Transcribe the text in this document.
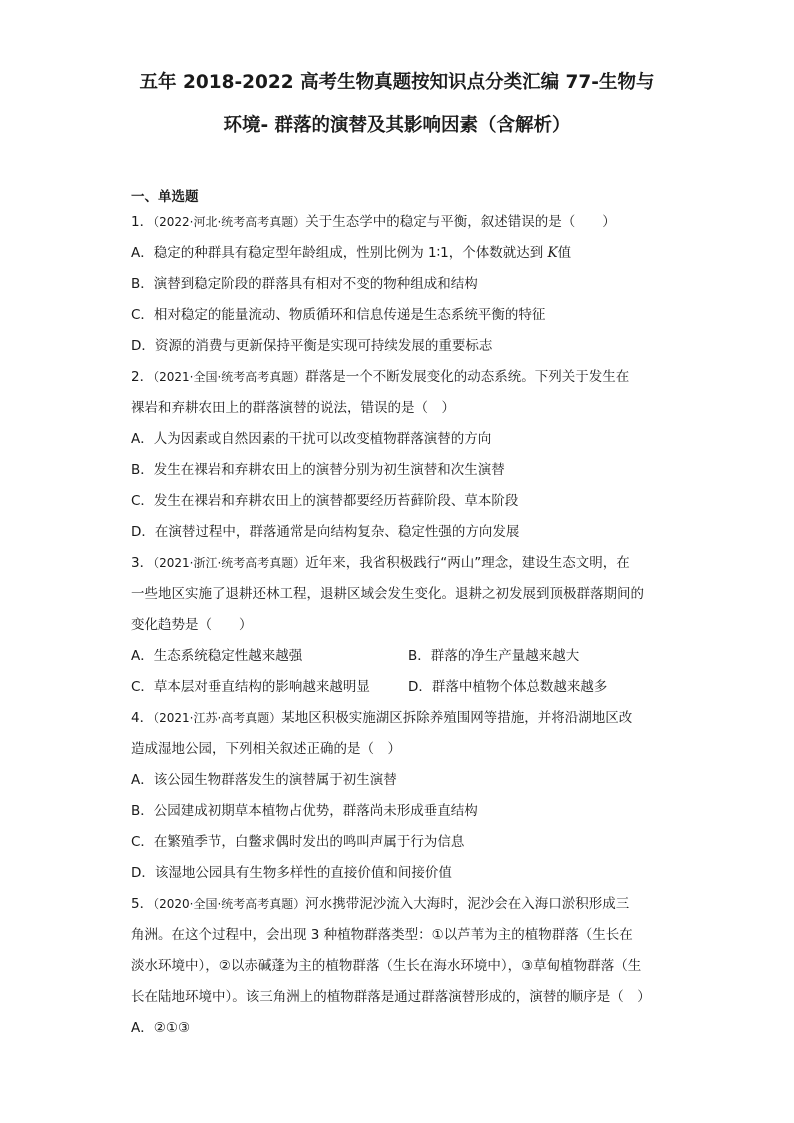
五年 2018-2022 高考生物真题按知识点分类汇编 77-生物与
环境- 群落的演替及其影响因素（含解析）
一、单选题
1．（2022·河北·统考高考真题）关于生态学中的稳定与平衡，叙述错误的是（　　）
A．稳定的种群具有稳定型年龄组成，性别比例为 1∶1，个体数就达到 K值
B．演替到稳定阶段的群落具有相对不变的物种组成和结构
C．相对稳定的能量流动、物质循环和信息传递是生态系统平衡的特征
D．资源的消费与更新保持平衡是实现可持续发展的重要标志
2．（2021·全国·统考高考真题）群落是一个不断发展变化的动态系统。下列关于发生在
裸岩和弃耕农田上的群落演替的说法，错误的是（　）
A．人为因素或自然因素的干扰可以改变植物群落演替的方向
B．发生在裸岩和弃耕农田上的演替分别为初生演替和次生演替
C．发生在裸岩和弃耕农田上的演替都要经历苔藓阶段、草本阶段
D．在演替过程中，群落通常是向结构复杂、稳定性强的方向发展
3．（2021·浙江·统考高考真题）近年来，我省积极践行“两山”理念，建设生态文明，在
一些地区实施了退耕还林工程，退耕区域会发生变化。退耕之初发展到顶极群落期间的
变化趋势是（　　）
A．生态系统稳定性越来越强	B．群落的净生产量越来越大
C．草本层对垂直结构的影响越来越明显	D．群落中植物个体总数越来越多
4．（2021·江苏·高考真题）某地区积极实施湖区拆除养殖围网等措施，并将沿湖地区改
造成湿地公园，下列相关叙述正确的是（　）
A．该公园生物群落发生的演替属于初生演替
B．公园建成初期草本植物占优势，群落尚未形成垂直结构
C．在繁殖季节，白鳖求偶时发出的鸣叫声属于行为信息
D．该湿地公园具有生物多样性的直接价值和间接价值
5．（2020·全国·统考高考真题）河水携带泥沙流入大海时，泥沙会在入海口淤积形成三
角洲。在这个过程中，会出现 3 种植物群落类型：①以芦苇为主的植物群落（生长在
淡水环境中），②以赤碱蓬为主的植物群落（生长在海水环境中），③草甸植物群落（生
长在陆地环境中）。该三角洲上的植物群落是通过群落演替形成的，演替的顺序是（　）
A．②①③
